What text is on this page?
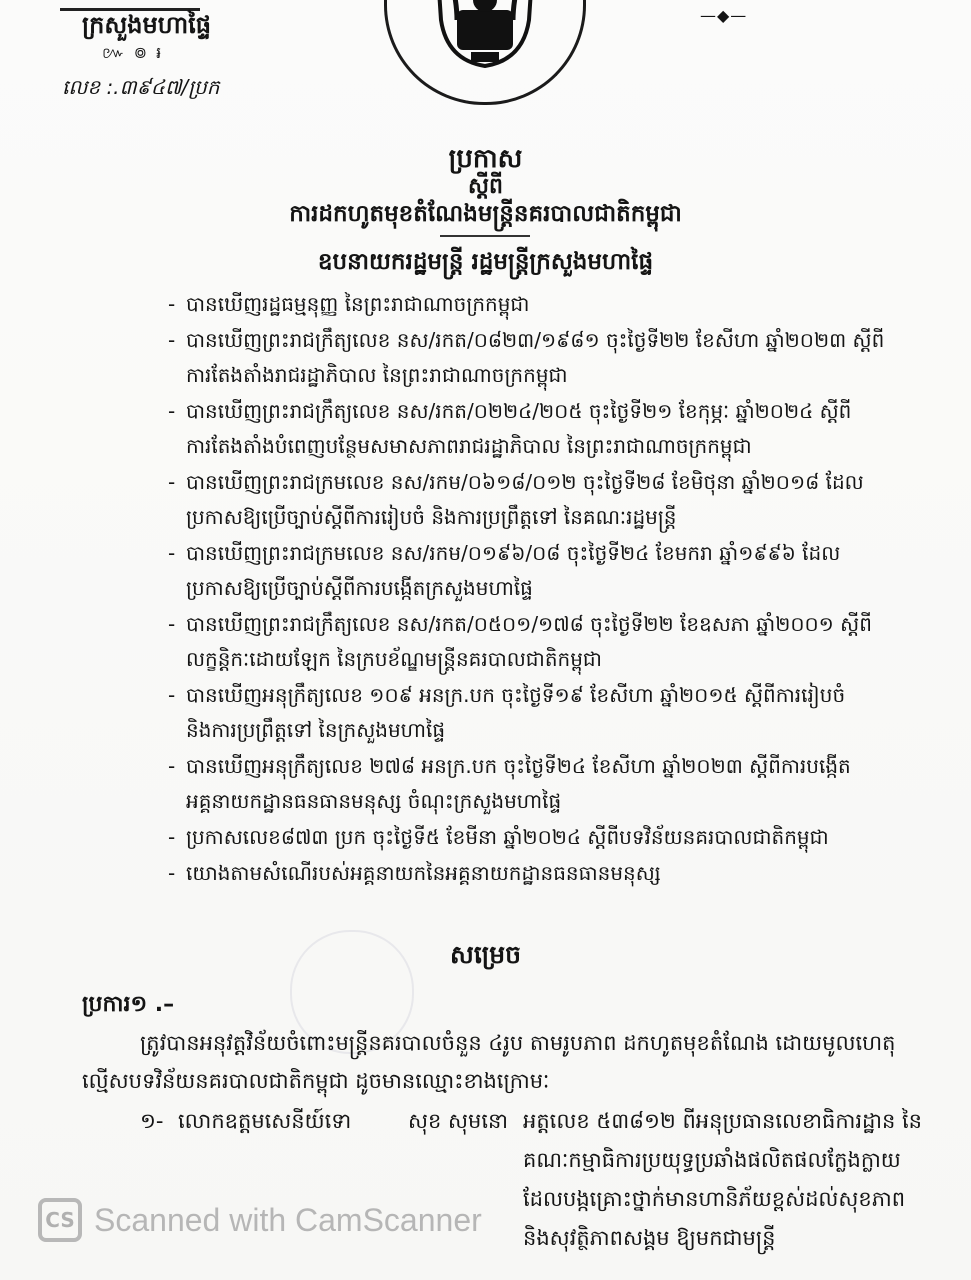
ក្រសួងមហាផ្ទៃ
៚ ៙ ៛
លេខ :.៣៩៤៧/ប្រក
—◆—
ប្រកាស
ស្តីពី
ការដកហូតមុខតំណែងមន្ត្រីនគរបាលជាតិកម្ពុជា
ឧបនាយករដ្ឋមន្ត្រី រដ្ឋមន្ត្រីក្រសួងមហាផ្ទៃ
- បានឃើញរដ្ឋធម្មនុញ្ញ នៃព្រះរាជាណាចក្រកម្ពុជា
- បានឃើញព្រះរាជក្រឹត្យលេខ នស/រកត/០៨២៣/១៩៨១ ចុះថ្ងៃទី២២ ខែសីហា ឆ្នាំ២០២៣ ស្តីពី
ការតែងតាំងរាជរដ្ឋាភិបាល នៃព្រះរាជាណាចក្រកម្ពុជា
- បានឃើញព្រះរាជក្រឹត្យលេខ នស/រកត/០២២៤/២០៥ ចុះថ្ងៃទី២១ ខែកុម្ភៈ ឆ្នាំ២០២៤ ស្តីពី
ការតែងតាំងបំពេញបន្ថែមសមាសភាពរាជរដ្ឋាភិបាល នៃព្រះរាជាណាចក្រកម្ពុជា
- បានឃើញព្រះរាជក្រមលេខ នស/រកម/០៦១៨/០១២ ចុះថ្ងៃទី២៨ ខែមិថុនា ឆ្នាំ២០១៨ ដែល
ប្រកាសឱ្យប្រើច្បាប់ស្តីពីការរៀបចំ និងការប្រព្រឹត្តទៅ នៃគណៈរដ្ឋមន្ត្រី
- បានឃើញព្រះរាជក្រមលេខ នស/រកម/០១៩៦/០៨ ចុះថ្ងៃទី២៤ ខែមករា ឆ្នាំ១៩៩៦ ដែល
ប្រកាសឱ្យប្រើច្បាប់ស្តីពីការបង្កើតក្រសួងមហាផ្ទៃ
- បានឃើញព្រះរាជក្រឹត្យលេខ នស/រកត/០៥០១/១៧៨ ចុះថ្ងៃទី២២ ខែឧសភា ឆ្នាំ២០០១ ស្តីពី
លក្ខន្តិកៈដោយឡែក នៃក្របខ័ណ្ឌមន្ត្រីនគរបាលជាតិកម្ពុជា
- បានឃើញអនុក្រឹត្យលេខ ១០៩ អនក្រ.បក ចុះថ្ងៃទី១៩ ខែសីហា ឆ្នាំ២០១៥ ស្តីពីការរៀបចំ
និងការប្រព្រឹត្តទៅ នៃក្រសួងមហាផ្ទៃ
- បានឃើញអនុក្រឹត្យលេខ ២៧៨ អនក្រ.បក ចុះថ្ងៃទី២៤ ខែសីហា ឆ្នាំ២០២៣ ស្តីពីការបង្កើត
អគ្គនាយកដ្ឋានធនធានមនុស្ស ចំណុះក្រសួងមហាផ្ទៃ
- ប្រកាសលេខ៨៧៣ ប្រក ចុះថ្ងៃទី៥ ខែមីនា ឆ្នាំ២០២៤ ស្តីពីបទវិន័យនគរបាលជាតិកម្ពុជា
- យោងតាមសំណើរបស់អគ្គនាយកនៃអគ្គនាយកដ្ឋានធនធានមនុស្ស
សម្រេច
ប្រការ១ .–
ត្រូវបានអនុវត្តវិន័យចំពោះមន្ត្រីនគរបាលចំនួន ៤រូប តាមរូបភាព ដកហូតមុខតំណែង ដោយមូលហេតុ
ល្មើសបទវិន័យនគរបាលជាតិកម្ពុជា ដូចមានឈ្មោះខាងក្រោមៈ
១- លោកឧត្តមសេនីយ៍ទោ	សុខ សុមនោ អត្តលេខ ៥៣៨១២ ពីអនុប្រធានលេខាធិការដ្ឋាន នៃ
គណៈកម្មាធិការប្រយុទ្ធប្រឆាំងផលិតផលក្លែងក្លាយ
ដែលបង្កគ្រោះថ្នាក់មានហានិភ័យខ្ពស់ដល់សុខភាព
និងសុវត្ថិភាពសង្គម ឱ្យមកជាមន្ត្រី
CS Scanned with CamScanner
